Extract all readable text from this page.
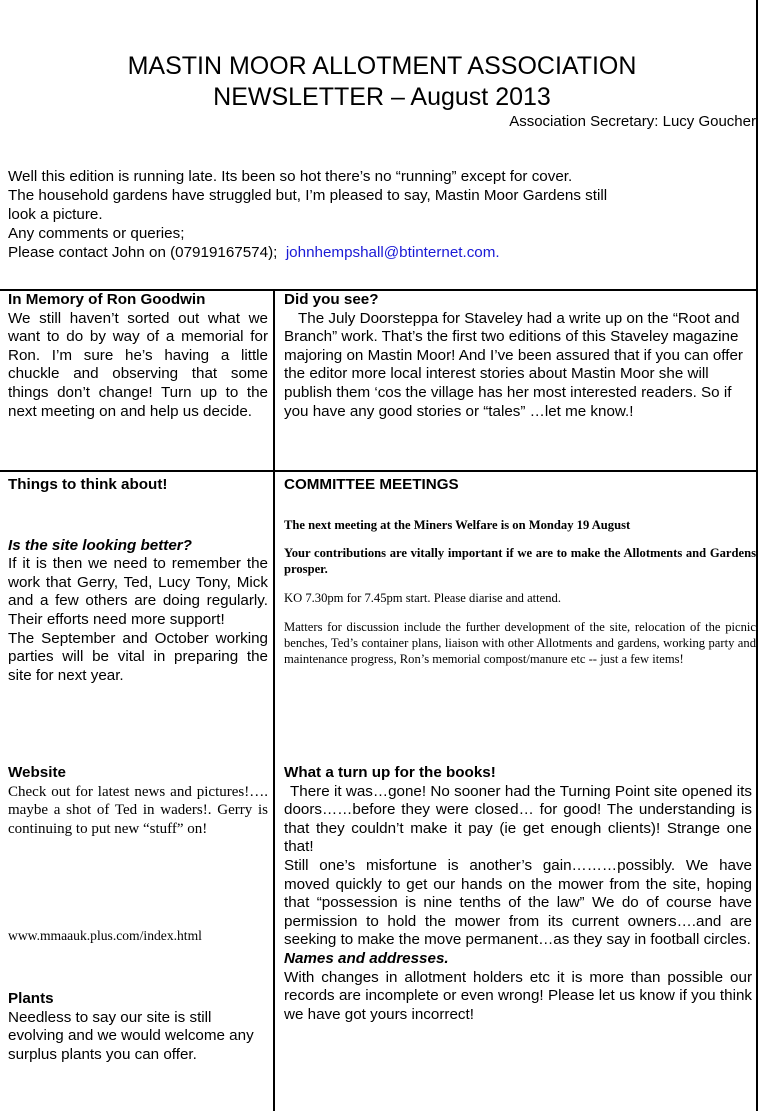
MASTIN MOOR ALLOTMENT ASSOCIATION
NEWSLETTER – August 2013
Association Secretary: Lucy Goucher
Well this edition is running late. Its been so hot there’s no “running” except for cover.
The household gardens have struggled but, I’m pleased to say, Mastin Moor Gardens still
look a picture.
Any comments or queries;
Please contact John on (07919167574); johnhempshall@btinternet.com.
In Memory of Ron Goodwin

We still haven’t sorted out what we want to do by way of a memorial for Ron. I’m sure he’s having a little chuckle and observing that some things don’t change! Turn up to the next meeting on and help us decide.

Did you see?

The July Doorsteppa for Staveley had a write up on the “Root and Branch” work. That’s the first two editions of this Staveley magazine majoring on Mastin Moor! And I’ve been assured that if you can offer the editor more local interest stories about Mastin Moor she will publish them ‘cos the village has her most interested readers. So if you have any good stories or “tales” …let me know.!

Things to think about!
Is the site looking better?

If it is then we need to remember the work that Gerry, Ted, Lucy Tony, Mick and a few others are doing regularly. Their efforts need more support!

The September and October working parties will be vital in preparing the site for next year.

COMMITTEE MEETINGS

The next meeting at the Miners Welfare is on Monday 19 August

Your contributions are vitally important if we are to make the Allotments and Gardens prosper.

KO 7.30pm for 7.45pm start. Please diarise and attend.

Matters for discussion include the further development of the site, relocation of the picnic benches, Ted’s container plans, liaison with other Allotments and gardens, working party and maintenance progress, Ron’s memorial compost/manure etc -- just a few items!

Website

Check out for latest news and pictures!…. maybe a shot of Ted in waders!. Gerry is continuing to put new “stuff” on!

www.mmaauk.plus.com/index.html
What a turn up for the books!

There it was…gone! No sooner had the Turning Point site opened its doors……before they were closed… for good! The understanding is that they couldn’t make it pay (ie get enough clients)! Strange one that!

Still one’s misfortune is another’s gain………possibly. We have moved quickly to get our hands on the mower from the site, hoping that “possession is nine tenths of the law” We do of course have permission to hold the mower from its current owners….and are seeking to make the move permanent…as they say in football circles.

Names and addresses.

With changes in allotment holders etc it is more than possible our records are incomplete or even wrong! Please let us know if you think we have got yours incorrect!

Plants

Needless to say our site is still evolving and we would welcome any surplus plants you can offer.
